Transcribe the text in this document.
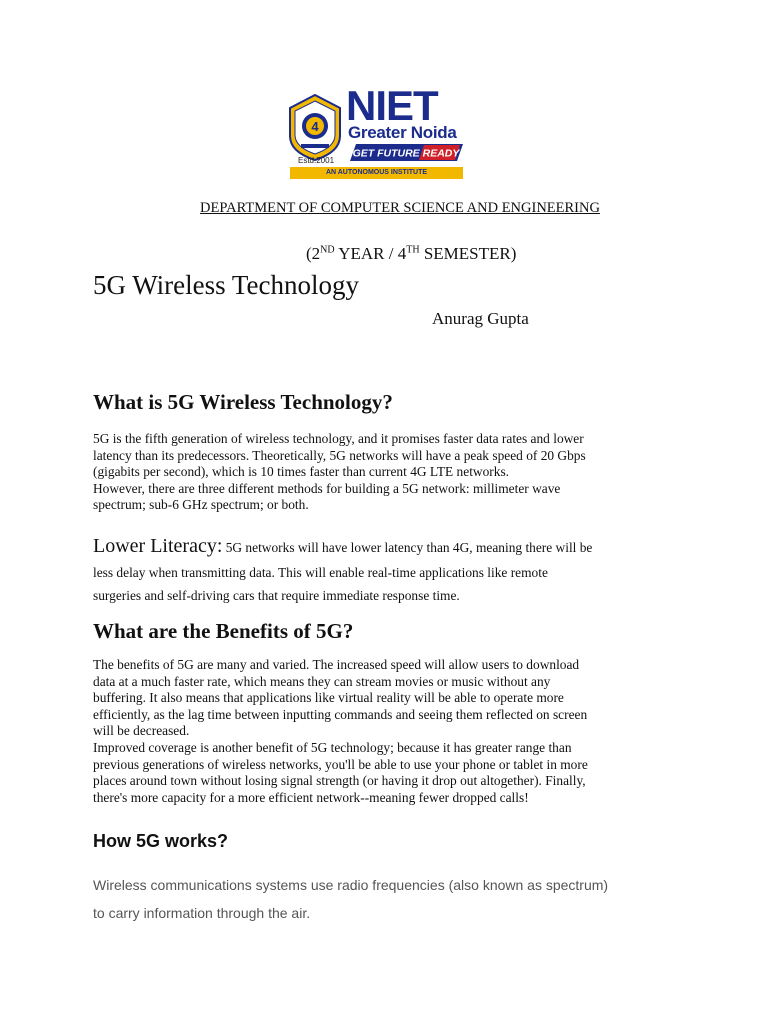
4
Estd.2001
NIET
Greater Noida
GET FUTURE READY
AN AUTONOMOUS INSTITUTE
DEPARTMENT OF COMPUTER SCIENCE AND ENGINEERING
(2ND YEAR / 4TH SEMESTER)
5G Wireless Technology
Anurag Gupta
What is 5G Wireless Technology?
5G is the fifth generation of wireless technology, and it promises faster data rates and lower
latency than its predecessors. Theoretically, 5G networks will have a peak speed of 20 Gbps
(gigabits per second), which is 10 times faster than current 4G LTE networks.
However, there are three different methods for building a 5G network: millimeter wave
spectrum; sub-6 GHz spectrum; or both.
Lower Literacy: 5G networks will have lower latency than 4G, meaning there will be
less delay when transmitting data. This will enable real-time applications like remote
surgeries and self-driving cars that require immediate response time.
What are the Benefits of 5G?
The benefits of 5G are many and varied. The increased speed will allow users to download
data at a much faster rate, which means they can stream movies or music without any
buffering. It also means that applications like virtual reality will be able to operate more
efficiently, as the lag time between inputting commands and seeing them reflected on screen
will be decreased.
Improved coverage is another benefit of 5G technology; because it has greater range than
previous generations of wireless networks, you'll be able to use your phone or tablet in more
places around town without losing signal strength (or having it drop out altogether). Finally,
there's more capacity for a more efficient network--meaning fewer dropped calls!
How 5G works?
Wireless communications systems use radio frequencies (also known as spectrum)
to carry information through the air.
